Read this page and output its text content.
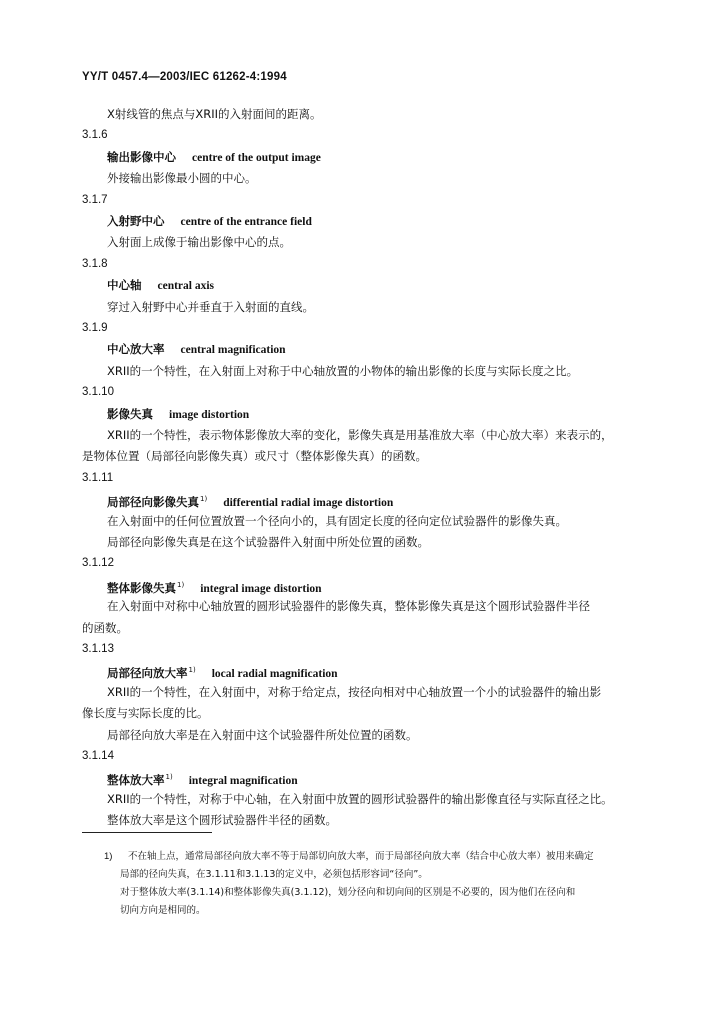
YY/T 0457.4—2003/IEC 61262-4:1994
X射线管的焦点与XRII的入射面间的距离。
3.1.6
输出影像中心 centre of the output image
外接输出影像最小圆的中心。
3.1.7
入射野中心 centre of the entrance field
入射面上成像于输出影像中心的点。
3.1.8
中心轴 central axis
穿过入射野中心并垂直于入射面的直线。
3.1.9
中心放大率 central magnification
XRII的一个特性，在入射面上对称于中心轴放置的小物体的输出影像的长度与实际长度之比。
3.1.10
影像失真 image distortion
XRII的一个特性，表示物体影像放大率的变化，影像失真是用基准放大率（中心放大率）来表示的，
是物体位置（局部径向影像失真）或尺寸（整体影像失真）的函数。
3.1.11
局部径向影像失真$^{1)}$ differential radial image distortion
在入射面中的任何位置放置一个径向小的，具有固定长度的径向定位试验器件的影像失真。
局部径向影像失真是在这个试验器件入射面中所处位置的函数。
3.1.12
整体影像失真$^{1)}$ integral image distortion
在入射面中对称中心轴放置的圆形试验器件的影像失真，整体影像失真是这个圆形试验器件半径
的函数。
3.1.13
局部径向放大率$^{1)}$ local radial magnification
XRII的一个特性，在入射面中，对称于给定点，按径向相对中心轴放置一个小的试验器件的输出影
像长度与实际长度的比。
局部径向放大率是在入射面中这个试验器件所处位置的函数。
3.1.14
整体放大率$^{1)}$ integral magnification
XRII的一个特性，对称于中心轴，在入射面中放置的圆形试验器件的输出影像直径与实际直径之比。
整体放大率是这个圆形试验器件半径的函数。
1) 不在轴上点，通常局部径向放大率不等于局部切向放大率，而于局部径向放大率（结合中心放大率）被用来确定
局部的径向失真，在3.1.11和3.1.13的定义中，必须包括形容词“径向”。
对于整体放大率(3.1.14)和整体影像失真(3.1.12)，划分径向和切向间的区别是不必要的，因为他们在径向和
切向方向是相同的。
